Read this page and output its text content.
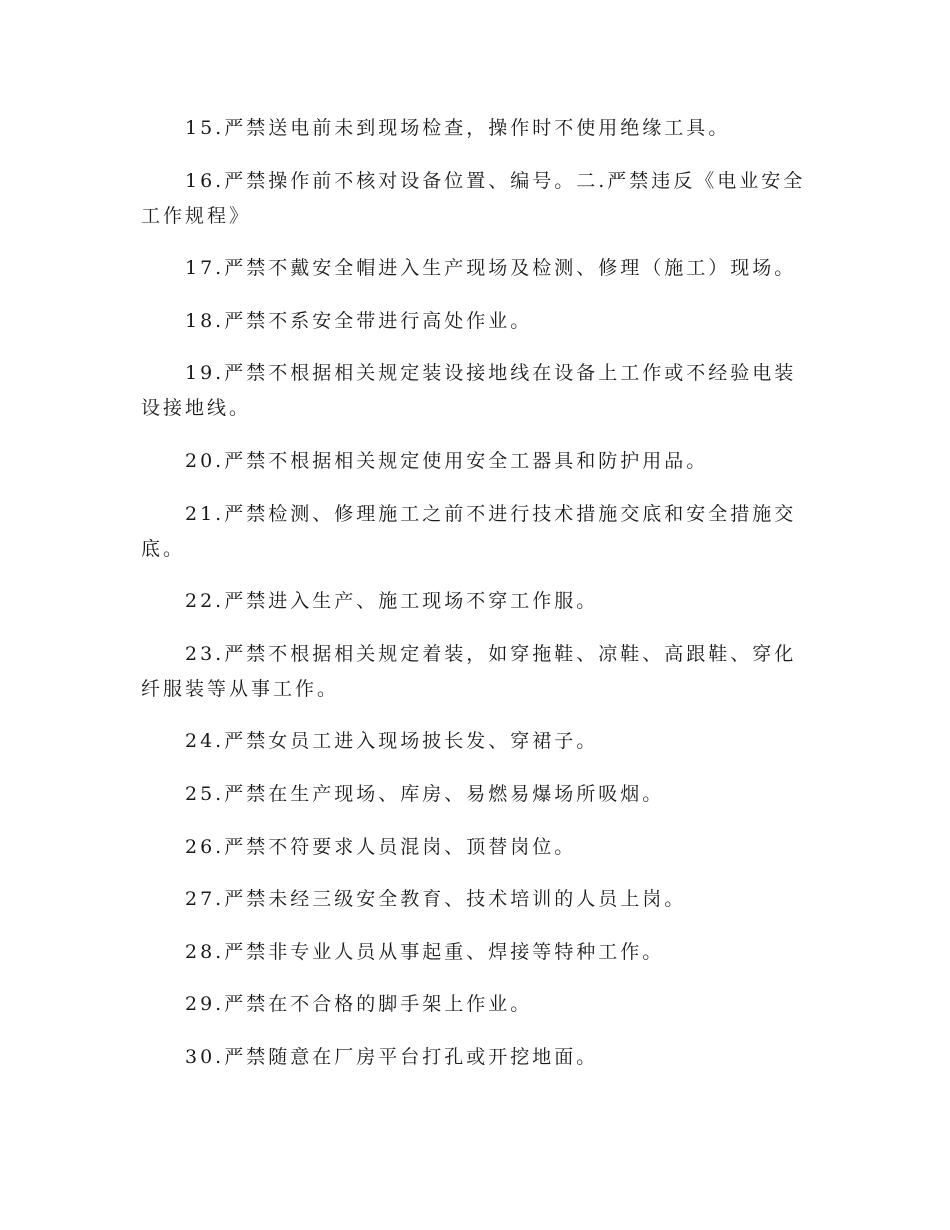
15.严禁送电前未到现场检查，操作时不使用绝缘工具。

16.严禁操作前不核对设备位置、编号。二.严禁违反《电业安全工作规程》

17.严禁不戴安全帽进入生产现场及检测、修理（施工）现场。

18.严禁不系安全带进行高处作业。

19.严禁不根据相关规定装设接地线在设备上工作或不经验电装设接地线。

20.严禁不根据相关规定使用安全工器具和防护用品。

21.严禁检测、修理施工之前不进行技术措施交底和安全措施交底。

22.严禁进入生产、施工现场不穿工作服。

23.严禁不根据相关规定着装，如穿拖鞋、凉鞋、高跟鞋、穿化纤服装等从事工作。

24.严禁女员工进入现场披长发、穿裙子。

25.严禁在生产现场、库房、易燃易爆场所吸烟。

26.严禁不符要求人员混岗、顶替岗位。

27.严禁未经三级安全教育、技术培训的人员上岗。

28.严禁非专业人员从事起重、焊接等特种工作。

29.严禁在不合格的脚手架上作业。

30.严禁随意在厂房平台打孔或开挖地面。
